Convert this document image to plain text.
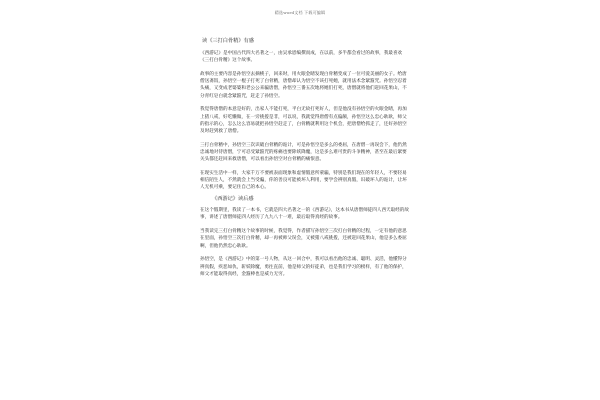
精选word文档 下载可编辑
读《三打白骨精》有感

《西游记》是中国古代四大名著之一，由吴承恩编撰而成，在以前，多半都会看过的故事，我最喜欢《三打白骨精》这个故事。

故事的主要内容是孙悟空去摘桃子，回来时，用火眼金睛发现白骨精变成了一位可爱美丽的女子。给唐僧送斋饭，孙悟空一棍子打死了白骨精，唐僧却认为悟空不该打死她，就用法术念紧箍咒。孙悟空忍着头痛，又变成老婆婆和老公公来骗唐僧，孙悟空三番五次地将她们打死，唐僧就将他们赶回花果山，不分青红皂白就念紧箍咒，赶走了孙悟空。

我觉得唐僧的本意是好的，出家人不能打死，平白无故打死好人，但是他没有孙悟空的火眼金睛，再加上猪八戒，好吃懒做，在一旁挑拨是非，可以说，我就觉得唐僧有点偏颇，孙悟空这么忠心耿耿，师父的指示的心，怎么这么容易就把孙悟空赶走了，白骨精就利用这个机会，把唐僧给抓走了，还好孙悟空及时赶到救了唐僧。

三打白骨精中，孙悟空三次识破白骨精的诡计，可是孙悟空是多么的委屈，在唐僧一再误会下，他仍然忠诚地对待唐僧，宁可忍受紧箍咒的疼痛也要除妖降魔，这是多么难可贵的斗争精神，甚至在最后紧要关头都还赶回来救唐僧，可以看出孙悟空对白骨精的痛恨意。

在现实生活中一样，大家千万不要被表面现象和虚情假意所蒙骗，特别是我们现在的年轻人，不要轻易相信陌生人，不然就会上当受骗，你的善良可能被坏人利用，要学会辨别真假，识破坏人的诡计，让坏人无机可乘，要记住自己的本心。

《西游记》读后感

在这个假期里，我读了一本书，它就是四大名著之一的《西游记》，这本书从唐僧师徒四人西天取经的故事，讲述了唐僧师徒四人经历了九九八十一难，最后取得真经的故事。

当我读完三打白骨精这个故事的时候，我觉得，作者描写孙悟空三次打白骨精的过程，一定有他的意思在里面，孙悟空三次打白骨精，却一再被师父误会，又被猪八戒挑拨，还被赶回花果山，他是多么委屈啊，但他仍然忠心耿耿。

孙悟空，是《西游记》中的第一号人物，从这一回合中，我可以看出他的忠诚、聪明、灵活，他懂得分辨真假，疾恶如仇，斩妖除魔，勇往直前，他是师父的好徒弟，也是我们学习的榜样，有了他的保护，师父才能取得真经，金箍棒也是威力无穷。
